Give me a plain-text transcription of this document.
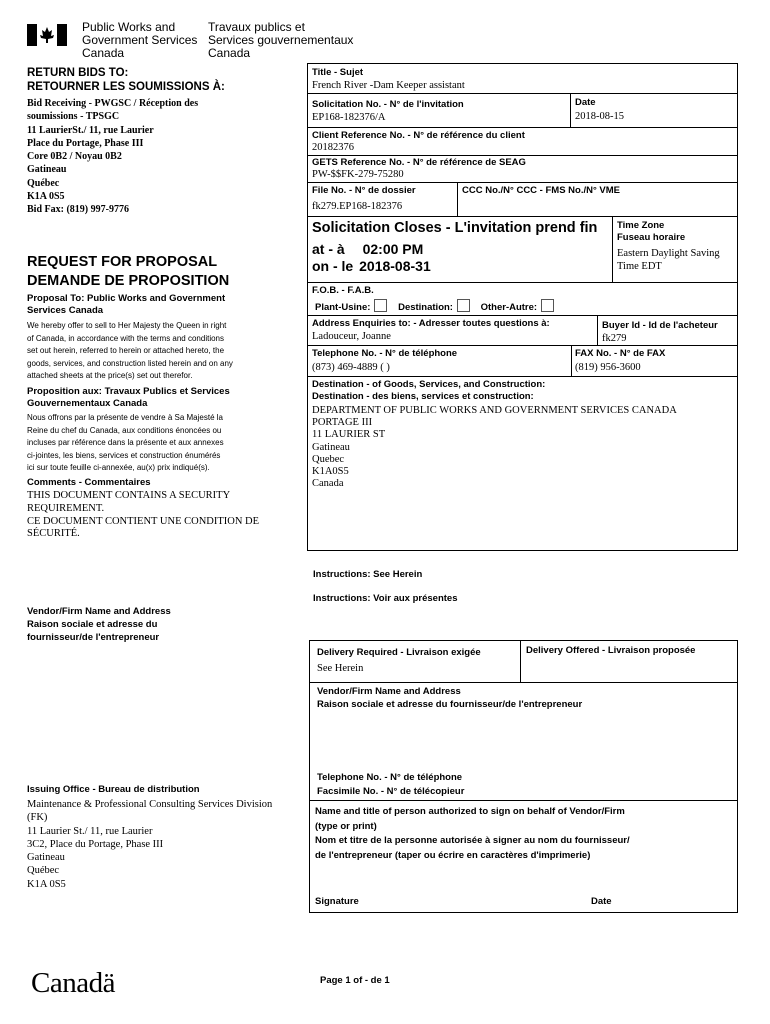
Public Works and
Government Services
Canada
Travaux publics et
Services gouvernementaux
Canada
RETURN BIDS TO:
RETOURNER LES SOUMISSIONS À:
Bid Receiving - PWGSC / Réception des
soumissions - TPSGC
11 LaurierSt./ 11, rue Laurier
Place du Portage, Phase III
Core 0B2 / Noyau 0B2
Gatineau
Québec
K1A 0S5
Bid Fax: (819) 997-9776
REQUEST FOR PROPOSAL
DEMANDE DE PROPOSITION
Proposal To: Public Works and Government
Services Canada
We hereby offer to sell to Her Majesty the Queen in right
of Canada, in accordance with the terms and conditions
set out herein, referred to herein or attached hereto, the
goods, services, and construction listed herein and on any
attached sheets at the price(s) set out therefor.
Proposition aux: Travaux Publics et Services
Gouvernementaux Canada
Nous offrons par la présente de vendre à Sa Majesté la
Reine du chef du Canada, aux conditions énoncées ou
incluses par référence dans la présente et aux annexes
ci-jointes, les biens, services et construction énumérés
ici sur toute feuille ci-annexée, au(x) prix indiqué(s).
Comments - Commentaires
THIS DOCUMENT CONTAINS A SECURITY
REQUIREMENT.
CE DOCUMENT CONTIENT UNE CONDITION DE
SÉCURITÉ.
Vendor/Firm Name and Address
Raison sociale et adresse du
fournisseur/de l'entrepreneur
Issuing Office - Bureau de distribution
Maintenance & Professional Consulting Services Division
(FK)
11 Laurier St./ 11, rue Laurier
3C2, Place du Portage, Phase III
Gatineau
Québec
K1A 0S5
Title - Sujet
French River -Dam Keeper assistant
Solicitation No. - N° de l'invitation
EP168-182376/A
Date
2018-08-15
Client Reference No. - N° de référence du client
20182376
GETS Reference No. - N° de référence de SEAG
PW-$$FK-279-75280
File No. - N° de dossier
fk279.EP168-182376
CCC No./N° CCC - FMS No./N° VME
Solicitation Closes - L'invitation prend fin
at - à 02:00 PM
on - le 2018-08-31
Time Zone
Fuseau horaire
Eastern Daylight Saving
Time EDT
F.O.B. - F.A.B.
Plant-Usine:	Destination:	Other-Autre:
Address Enquiries to: - Adresser toutes questions à:
Ladouceur, Joanne
Buyer Id - Id de l'acheteur
fk279
Telephone No. - N° de téléphone
(873) 469-4889 ( )
FAX No. - N° de FAX
(819) 956-3600
Destination - of Goods, Services, and Construction:
Destination - des biens, services et construction:
DEPARTMENT OF PUBLIC WORKS AND GOVERNMENT SERVICES CANADA
PORTAGE III
11 LAURIER ST
Gatineau
Quebec
K1A0S5
Canada
Instructions: See Herein
Instructions: Voir aux présentes
Delivery Required - Livraison exigée
See Herein
Delivery Offered - Livraison proposée
Vendor/Firm Name and Address
Raison sociale et adresse du fournisseur/de l'entrepreneur
Telephone No. - N° de téléphone
Facsimile No. - N° de télécopieur
Name and title of person authorized to sign on behalf of Vendor/Firm
(type or print)
Nom et titre de la personne autorisée à signer au nom du fournisseur/
de l'entrepreneur (taper ou écrire en caractères d'imprimerie)
Signature	Date
Canadä	Page 1 of - de 1
